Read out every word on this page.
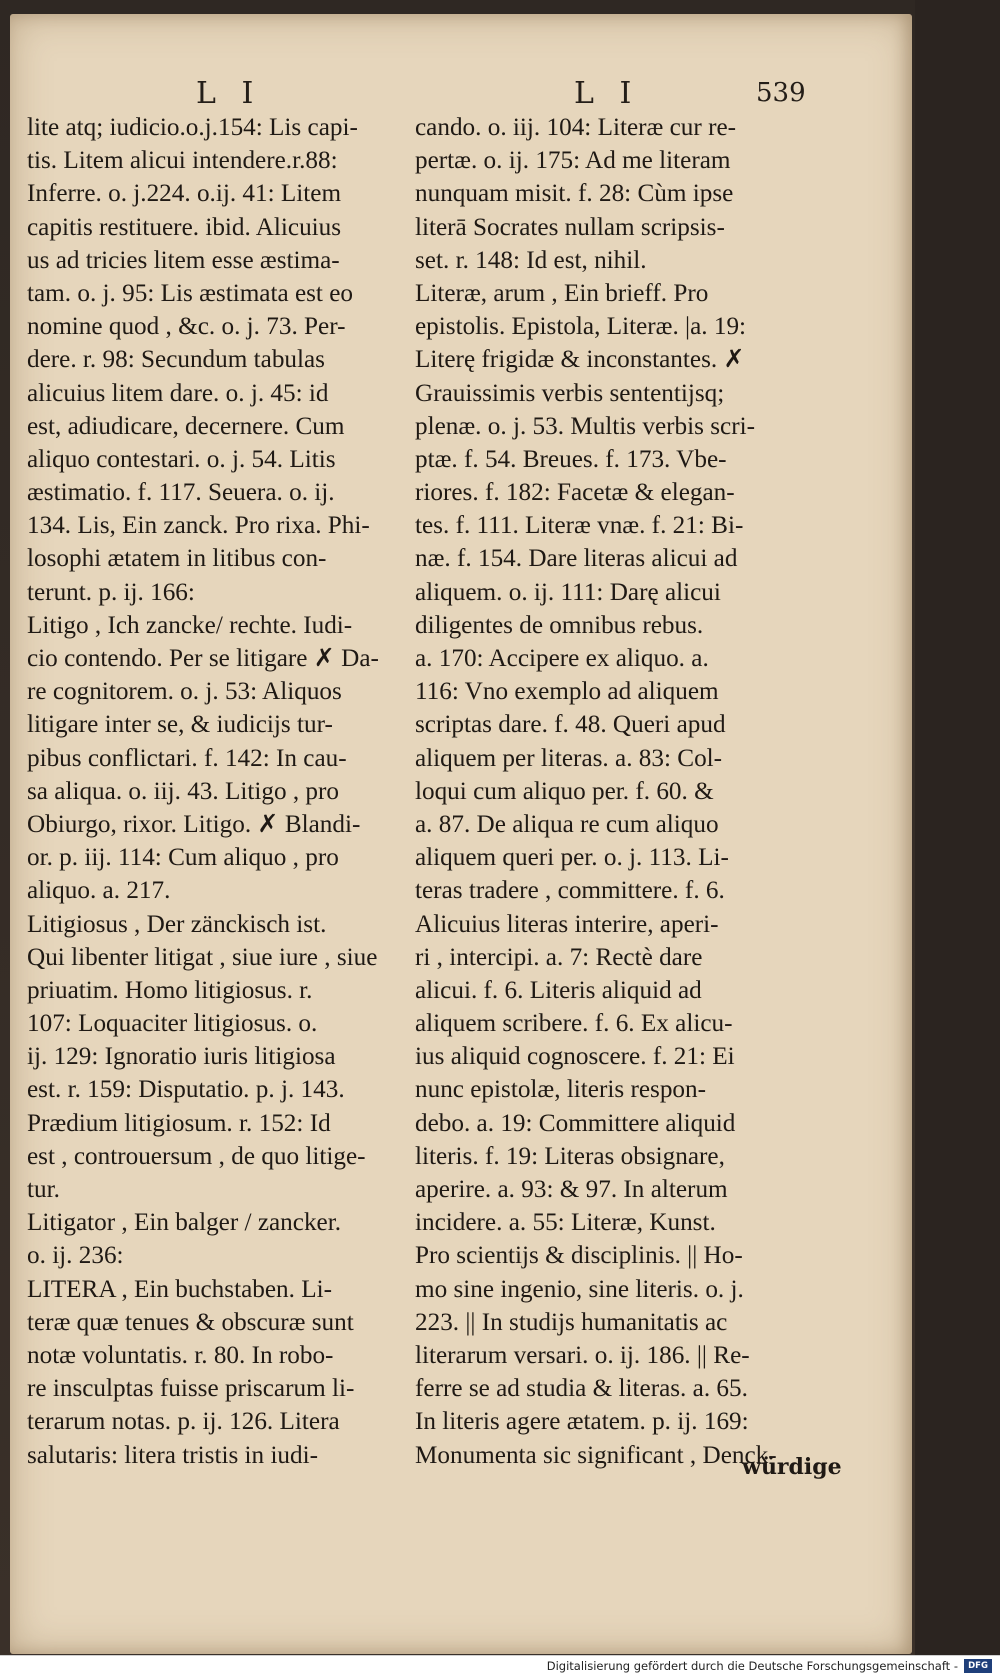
L I	L I	539
lite atq; iudicio.o.j.154: Lis capi-
tis. Litem alicui intendere.r.88:
Inferre. o. j.224. o.ij. 41: Litem
capitis restituere. ibid. Alicuius
us ad tricies litem esse æstima-
tam. o. j. 95: Lis æstimata est eo
nomine quod , &c. o. j. 73. Per-
dere. r. 98: Secundum tabulas
alicuius litem dare. o. j. 45: id
est, adiudicare, decernere. Cum
aliquo contestari. o. j. 54. Litis
æstimatio. f. 117. Seuera. o. ij.
134. Lis, Ein zanck. Pro rixa. Phi-
losophi ætatem in litibus con-
terunt. p. ij. 166:
Litigo , Ich zancke/ rechte. Iudi-
cio contendo. Per se litigare ✗ Da-
re cognitorem. o. j. 53: Aliquos
litigare inter se, & iudicijs tur-
pibus conflictari. f. 142: In cau-
sa aliqua. o. iij. 43. Litigo , pro
Obiurgo, rixor. Litigo. ✗ Blandi-
or. p. iij. 114: Cum aliquo , pro
aliquo. a. 217.
Litigiosus , Der zänckisch ist.
Qui libenter litigat , siue iure , siue
priuatim. Homo litigiosus. r.
107: Loquaciter litigiosus. o.
ij. 129: Ignoratio iuris litigiosa
est. r. 159: Disputatio. p. j. 143.
Prædium litigiosum. r. 152: Id
est , controuersum , de quo litige-
tur.
Litigator , Ein balger / zancker.
o. ij. 236:
LITERA , Ein buchstaben. Li-
teræ quæ tenues & obscuræ sunt
notæ voluntatis. r. 80. In robo-
re insculptas fuisse priscarum li-
terarum notas. p. ij. 126. Litera
salutaris: litera tristis in iudi-
cando. o. iij. 104: Literæ cur re-
pertæ. o. ij. 175: Ad me literam
nunquam misit. f. 28: Cùm ipse
literā Socrates nullam scripsis-
set. r. 148: Id est, nihil.
Literæ, arum , Ein brieff. Pro
epistolis. Epistola, Literæ. |a. 19:
Literę frigidæ & inconstantes. ✗
Grauissimis verbis sententijsq;
plenæ. o. j. 53. Multis verbis scri-
ptæ. f. 54. Breues. f. 173. Vbe-
riores. f. 182: Facetæ & elegan-
tes. f. 111. Literæ vnæ. f. 21: Bi-
næ. f. 154. Dare literas alicui ad
aliquem. o. ij. 111: Darę alicui
diligentes de omnibus rebus.
a. 170: Accipere ex aliquo. a.
116: Vno exemplo ad aliquem
scriptas dare. f. 48. Queri apud
aliquem per literas. a. 83: Col-
loqui cum aliquo per. f. 60. &
a. 87. De aliqua re cum aliquo
aliquem queri per. o. j. 113. Li-
teras tradere , committere. f. 6.
Alicuius literas interire, aperi-
ri , intercipi. a. 7: Rectè dare
alicui. f. 6. Literis aliquid ad
aliquem scribere. f. 6. Ex alicu-
ius aliquid cognoscere. f. 21: Ei
nunc epistolæ, literis respon-
debo. a. 19: Committere aliquid
literis. f. 19: Literas obsignare,
aperire. a. 93: & 97. In alterum
incidere. a. 55: Literæ, Kunst.
Pro scientijs & disciplinis. || Ho-
mo sine ingenio, sine literis. o. j.
223. || In studijs humanitatis ac
literarum versari. o. ij. 186. || Re-
ferre se ad studia & literas. a. 65.
In literis agere ætatem. p. ij. 169:
Monumenta sic significant , Denck-
würdige
Digitalisierung gefördert durch die Deutsche Forschungsgemeinschaft -	DFG
